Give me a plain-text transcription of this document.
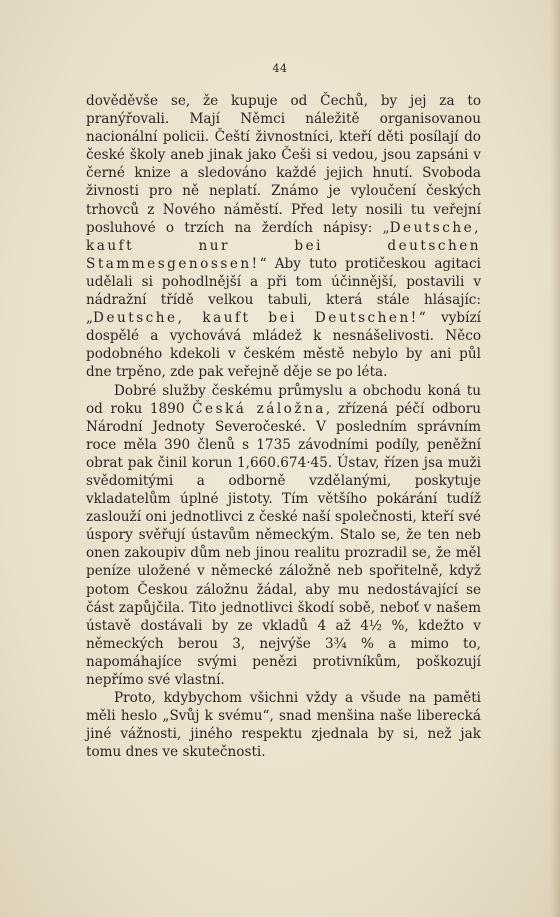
44

dověděvše se, že kupuje od Čechů, by jej za to pranýřovali. Mají Němci náležitě organisovanou nacionální policii. Čeští živnostníci, kteří děti posílají do české školy aneb jinak jako Češi si vedou, jsou zapsáni v černé knize a sledováno každé jejich hnutí. Svoboda živnosti pro ně neplatí. Známo je vyloučení českých trhovců z Nového náměstí. Před lety nosili tu veřejní posluhové o trzích na žerdích nápisy: „Deutsche, kauft nur bei deutschen Stammesgenossen!“ Aby tuto protičeskou agitaci udělali si pohodlnější a při tom účinnější, postavili v nádražní třídě velkou tabuli, která stále hlásajíc: „Deutsche, kauft bei Deutschen!“ vybízí dospělé a vychovává mládež k nesnášelivosti. Něco podobného kdekoli v českém městě nebylo by ani půl dne trpěno, zde pak veřejně děje se po léta.

Dobré služby českému průmyslu a obchodu koná tu od roku 1890 Česká záložna, zřízená péčí odboru Národní Jednoty Severočeské. V posledním správním roce měla 390 členů s 1735 závodními podíly, peněžní obrat pak činil korun 1,660.674·45. Ústav, řízen jsa muži svědomitými a odborně vzdělanými, poskytuje vkladatelům úplné jistoty. Tím většího pokárání tudíž zaslouží oni jednotlivci z české naší společnosti, kteří své úspory svěřují ústavům německým. Stalo se, že ten neb onen zakoupiv dům neb jinou realitu prozradil se, že měl peníze uložené v německé záložně neb spořitelně, když potom Českou záložnu žádal, aby mu nedostávající se část zapůjčila. Tito jednotlivci škodí sobě, neboť v našem ústavě dostávali by ze vkladů 4 až 4½ %, kdežto v německých berou 3, nejvýše 3¾ % a mimo to, napomáhajíce svými penězi protivníkům, poškozují nepřímo své vlastní.

Proto, kdybychom všichni vždy a všude na paměti měli heslo „Svůj k svému“, snad menšina naše liberecká jiné vážnosti, jiného respektu zjednala by si, než jak tomu dnes ve skutečnosti.
